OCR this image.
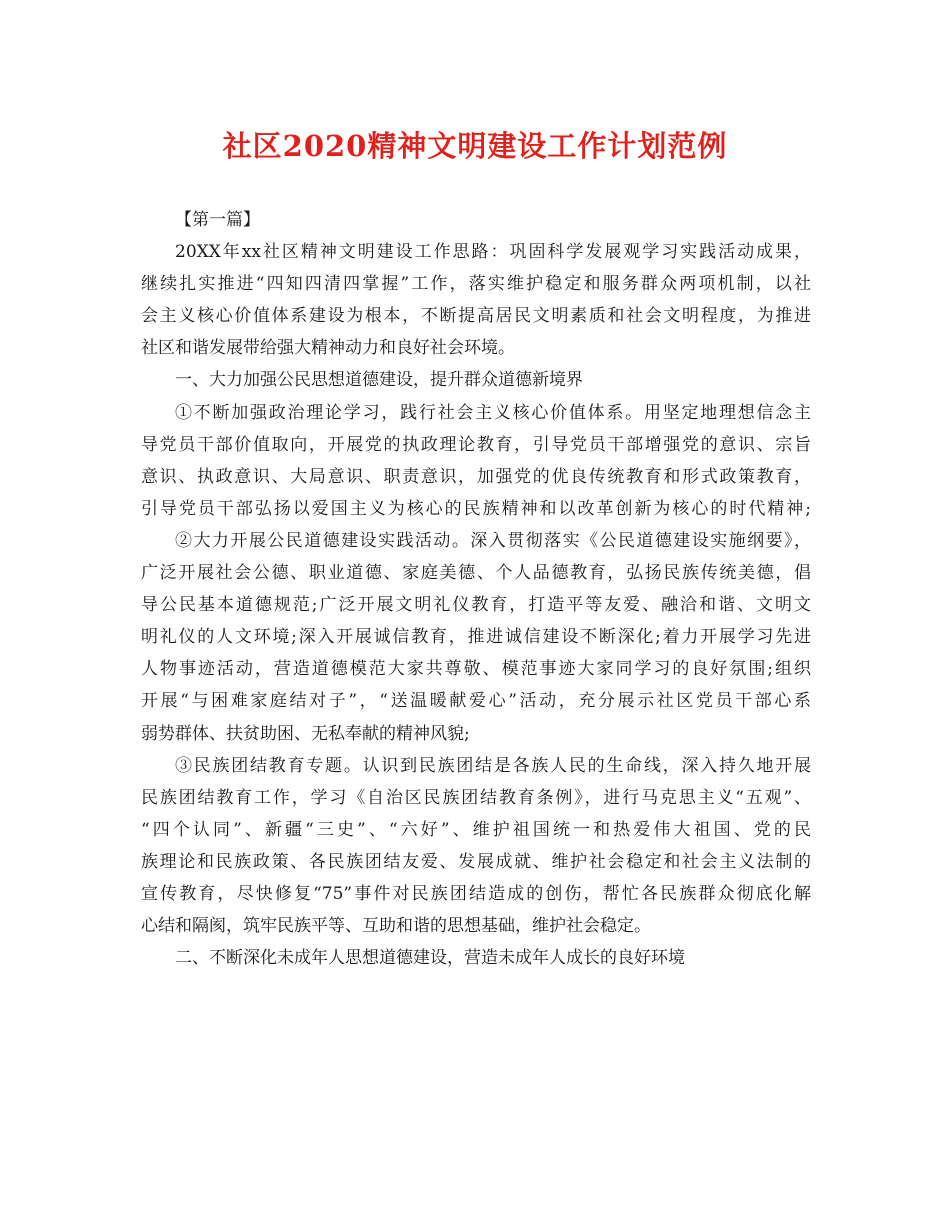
社区2020精神文明建设工作计划范例
【第一篇】
20XX年xx社区精神文明建设工作思路：巩固科学发展观学习实践活动成果，
继续扎实推进“四知四清四掌握”工作，落实维护稳定和服务群众两项机制，以社
会主义核心价值体系建设为根本，不断提高居民文明素质和社会文明程度，为推进
社区和谐发展带给强大精神动力和良好社会环境。
一、大力加强公民思想道德建设，提升群众道德新境界
①不断加强政治理论学习，践行社会主义核心价值体系。用坚定地理想信念主
导党员干部价值取向，开展党的执政理论教育，引导党员干部增强党的意识、宗旨
意识、执政意识、大局意识、职责意识，加强党的优良传统教育和形式政策教育，
引导党员干部弘扬以爱国主义为核心的民族精神和以改革创新为核心的时代精神;
②大力开展公民道德建设实践活动。深入贯彻落实《公民道德建设实施纲要》，
广泛开展社会公德、职业道德、家庭美德、个人品德教育，弘扬民族传统美德，倡
导公民基本道德规范;广泛开展文明礼仪教育，打造平等友爱、融洽和谐、文明文
明礼仪的人文环境;深入开展诚信教育，推进诚信建设不断深化;着力开展学习先进
人物事迹活动，营造道德模范大家共尊敬、模范事迹大家同学习的良好氛围;组织
开展“与困难家庭结对子”，“送温暖献爱心”活动，充分展示社区党员干部心系
弱势群体、扶贫助困、无私奉献的精神风貌;
③民族团结教育专题。认识到民族团结是各族人民的生命线，深入持久地开展
民族团结教育工作，学习《自治区民族团结教育条例》，进行马克思主义“五观”、
“四个认同”、新疆“三史”、“六好”、维护祖国统一和热爱伟大祖国、党的民
族理论和民族政策、各民族团结友爱、发展成就、维护社会稳定和社会主义法制的
宣传教育，尽快修复“75”事件对民族团结造成的创伤，帮忙各民族群众彻底化解
心结和隔阂，筑牢民族平等、互助和谐的思想基础，维护社会稳定。
二、不断深化未成年人思想道德建设，营造未成年人成长的良好环境
